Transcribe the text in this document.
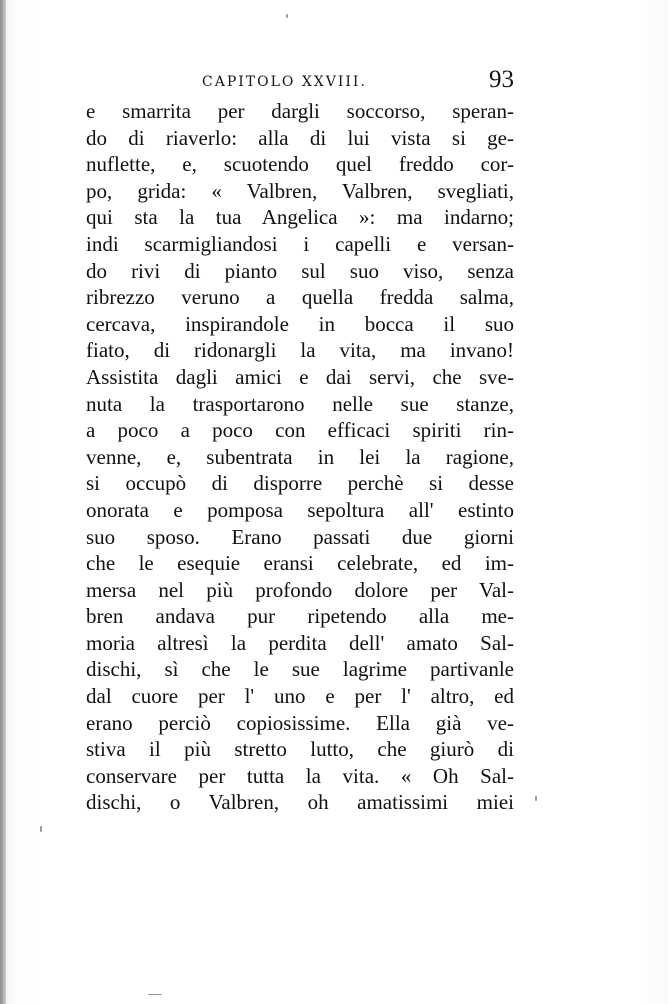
CAPITOLO XXVIII.	93
e smarrita per dargli soccorso, speran-
do di riaverlo: alla di lui vista si ge-
nuflette, e, scuotendo quel freddo cor-
po, grida: « Valbren, Valbren, svegliati,
qui sta la tua Angelica »: ma indarno;
indi scarmigliandosi i capelli e versan-
do rivi di pianto sul suo viso, senza
ribrezzo veruno a quella fredda salma,
cercava, inspirandole in bocca il suo
fiato, di ridonargli la vita, ma invano!
Assistita dagli amici e dai servi, che sve-
nuta la trasportarono nelle sue stanze,
a poco a poco con efficaci spiriti rin-
venne, e, subentrata in lei la ragione,
si occupò di disporre perchè si desse
onorata e pomposa sepoltura all' estinto
suo sposo. Erano passati due giorni
che le esequie eransi celebrate, ed im-
mersa nel più profondo dolore per Val-
bren andava pur ripetendo alla me-
moria altresì la perdita dell' amato Sal-
dischi, sì che le sue lagrime partivanle
dal cuore per l' uno e per l' altro, ed
erano perciò copiosissime. Ella già ve-
stiva il più stretto lutto, che giurò di
conservare per tutta la vita. « Oh Sal-
dischi, o Valbren, oh amatissimi miei
